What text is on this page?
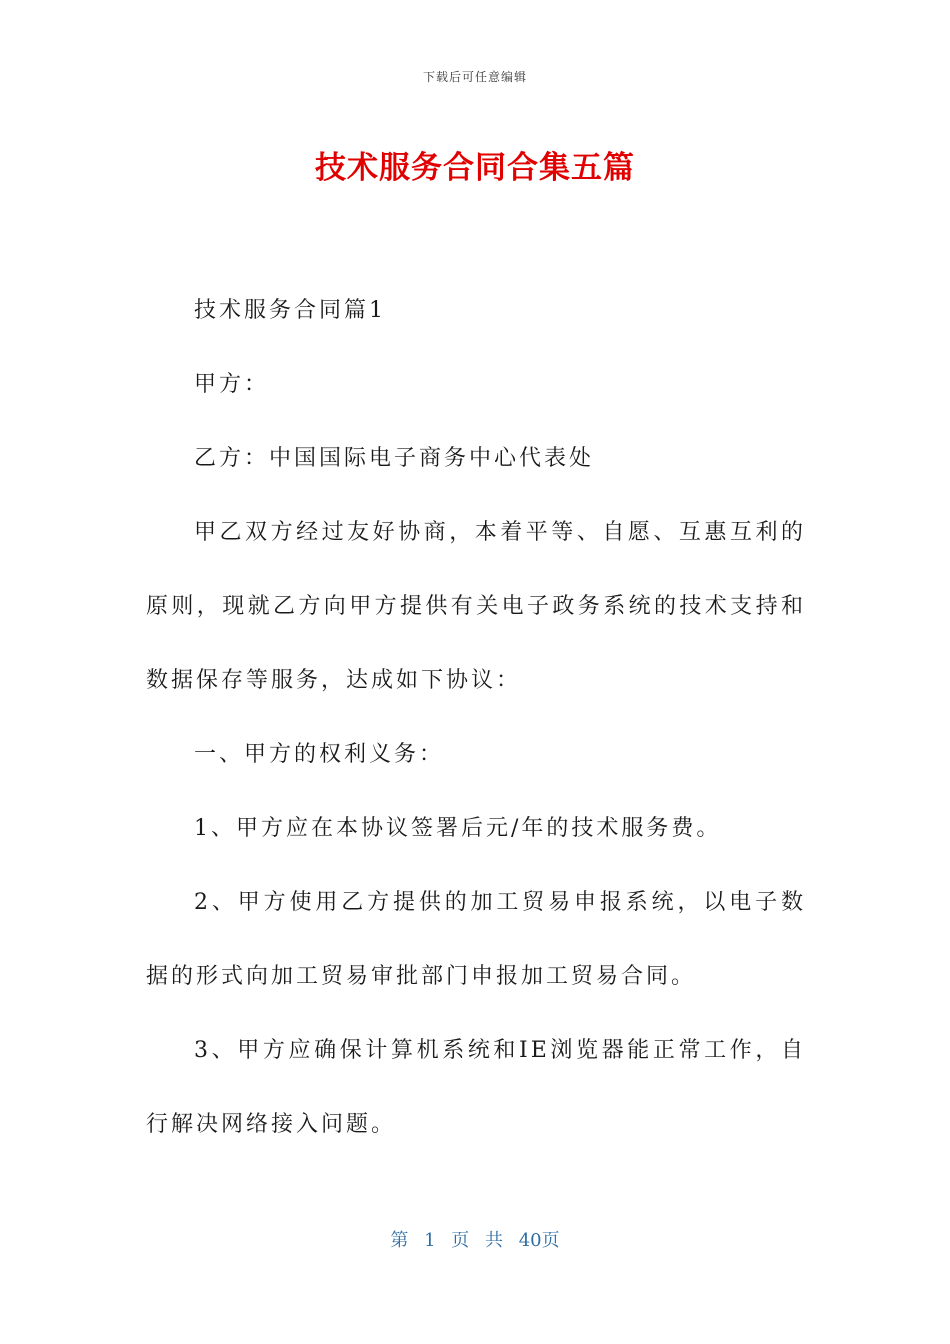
下载后可任意编辑
技术服务合同合集五篇

技术服务合同篇1

甲方：

乙方：中国国际电子商务中心代表处

甲乙双方经过友好协商，本着平等、自愿、互惠互利的原则，现就乙方向甲方提供有关电子政务系统的技术支持和数据保存等服务，达成如下协议：

一、甲方的权利义务：

1、甲方应在本协议签署后元/年的技术服务费。

2、甲方使用乙方提供的加工贸易申报系统，以电子数据的形式向加工贸易审批部门申报加工贸易合同。

3、甲方应确保计算机系统和IE浏览器能正常工作，自行解决网络接入问题。

第 1 页 共 40页
